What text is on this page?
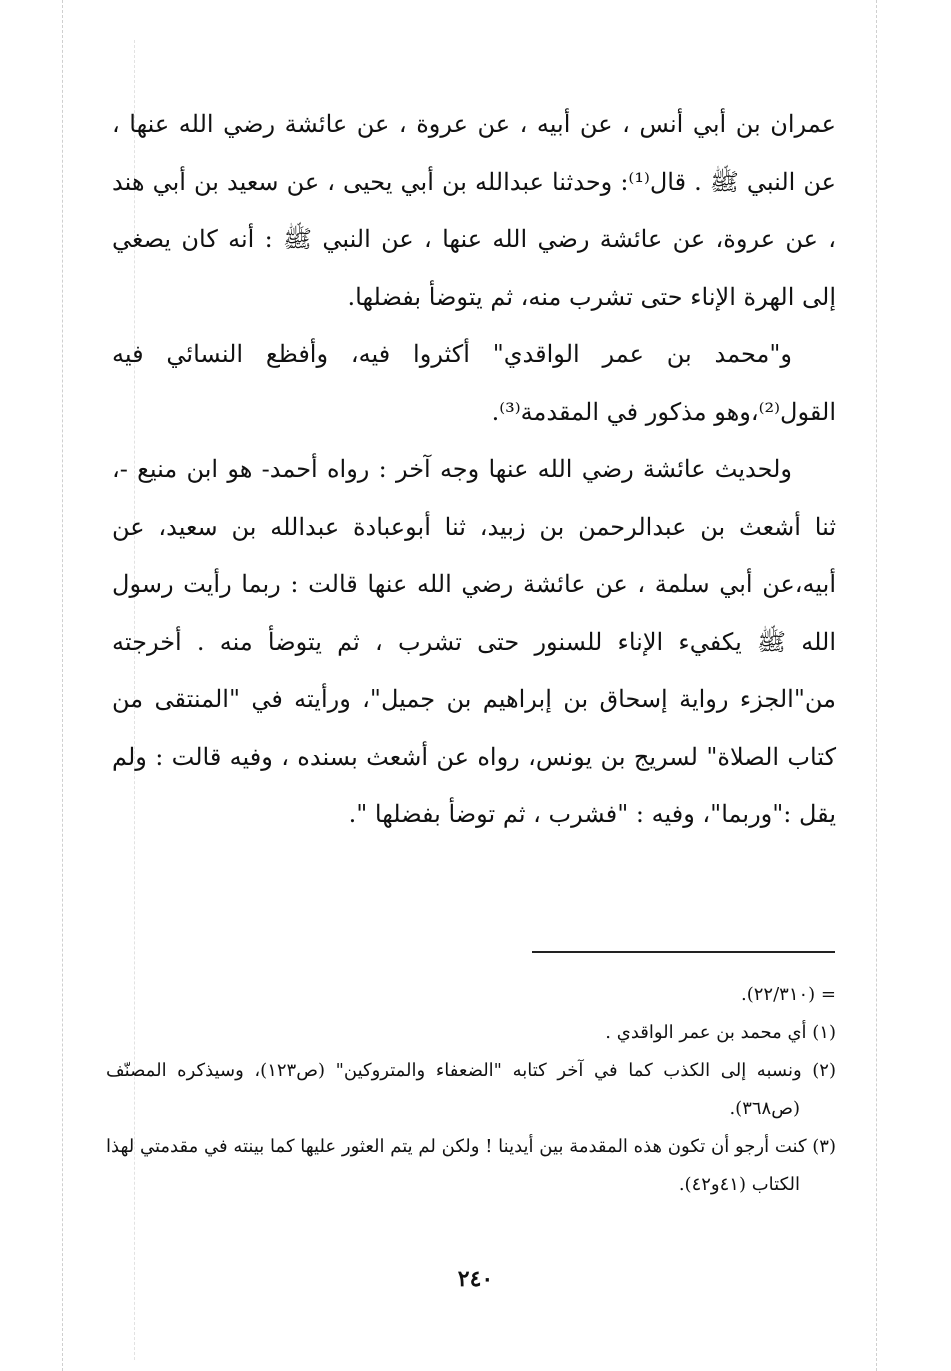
عمران بن أبي أنس ، عن أبيه ، عن عروة ، عن عائشة رضي الله عنها ، عن النبي ﷺ . قال⁽¹⁾: وحدثنا عبدالله بن أبي يحيى ، عن سعيد بن أبي هند ، عن عروة، عن عائشة رضي الله عنها ، عن النبي ﷺ : أنه كان يصغي إلى الهرة الإناء حتى تشرب منه، ثم يتوضأ بفضلها.

و"محمد بن عمر الواقدي" أكثروا فيه، وأفظع النسائي فيه القول⁽²⁾،وهو مذكور في المقدمة⁽³⁾.

ولحديث عائشة رضي الله عنها وجه آخر : رواه أحمد- هو ابن منيع -، ثنا أشعث بن عبدالرحمن بن زبيد، ثنا أبوعبادة عبدالله بن سعيد، عن أبيه،عن أبي سلمة ، عن عائشة رضي الله عنها قالت : ربما رأيت رسول الله ﷺ يكفيء الإناء للسنور حتى تشرب ، ثم يتوضأ منه . أخرجته من"الجزء رواية إسحاق بن إبراهيم بن جميل"، ورأيته في "المنتقى من كتاب الصلاة" لسريج بن يونس، رواه عن أشعث بسنده ، وفيه قالت : ولم يقل :"وربما"، وفيه : "فشرب ، ثم توضأ بفضلها ".

= (٢٢/٣١٠).

(١) أي محمد بن عمر الواقدي .

(٢) ونسبه إلى الكذب كما في آخر كتابه "الضعفاء والمتروكين" (ص١٢٣)، وسيذكره المصنّف (ص٣٦٨).

(٣) كنت أرجو أن تكون هذه المقدمة بين أيدينا ! ولكن لم يتم العثور عليها كما بينته في مقدمتي لهذا الكتاب (٤١و٤٢).

٢٤٠
